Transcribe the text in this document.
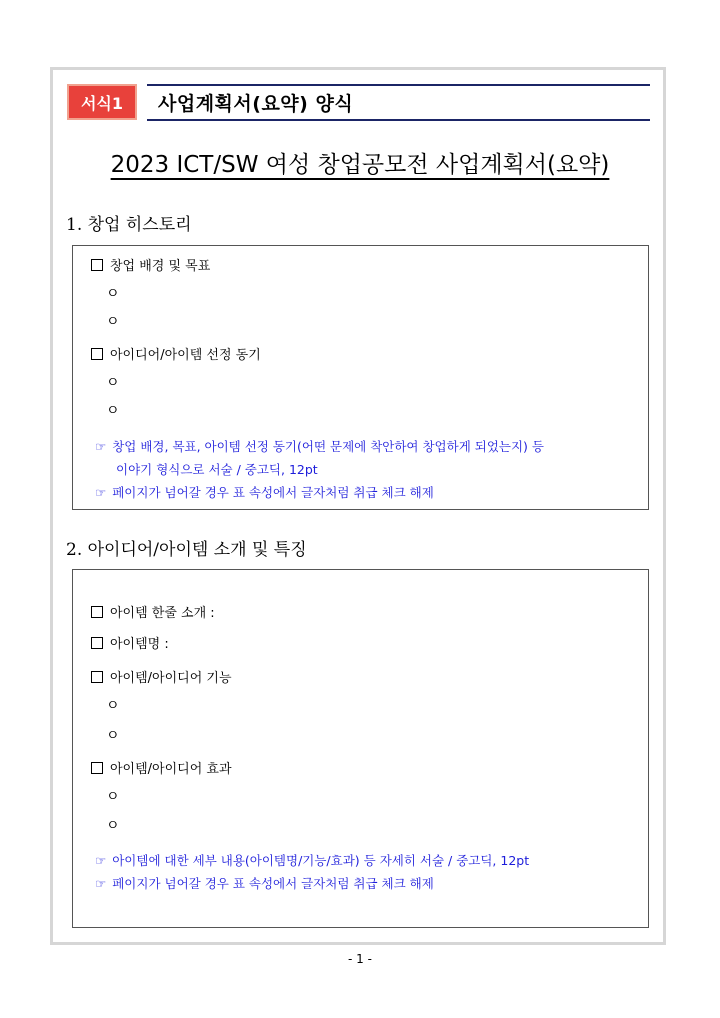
서식1	사업계획서(요약) 양식
2023 ICT/SW 여성 창업공모전 사업계획서(요약)
1. 창업 히스토리
창업 배경 및 목표
ㅇ
ㅇ
아이디어/아이템 선정 동기
ㅇ
ㅇ
☞ 창업 배경, 목표, 아이템 선정 동기(어떤 문제에 착안하여 창업하게 되었는지) 등
이야기 형식으로 서술 / 중고딕, 12pt
☞ 페이지가 넘어갈 경우 표 속성에서 글자처럼 취급 체크 해제
2. 아이디어/아이템 소개 및 특징
아이템 한줄 소개 :
아이템명 :
아이템/아이디어 기능
ㅇ
ㅇ
아이템/아이디어 효과
ㅇ
ㅇ
☞ 아이템에 대한 세부 내용(아이템명/기능/효과) 등 자세히 서술 / 중고딕, 12pt
☞ 페이지가 넘어갈 경우 표 속성에서 글자처럼 취급 체크 해제
- 1 -
